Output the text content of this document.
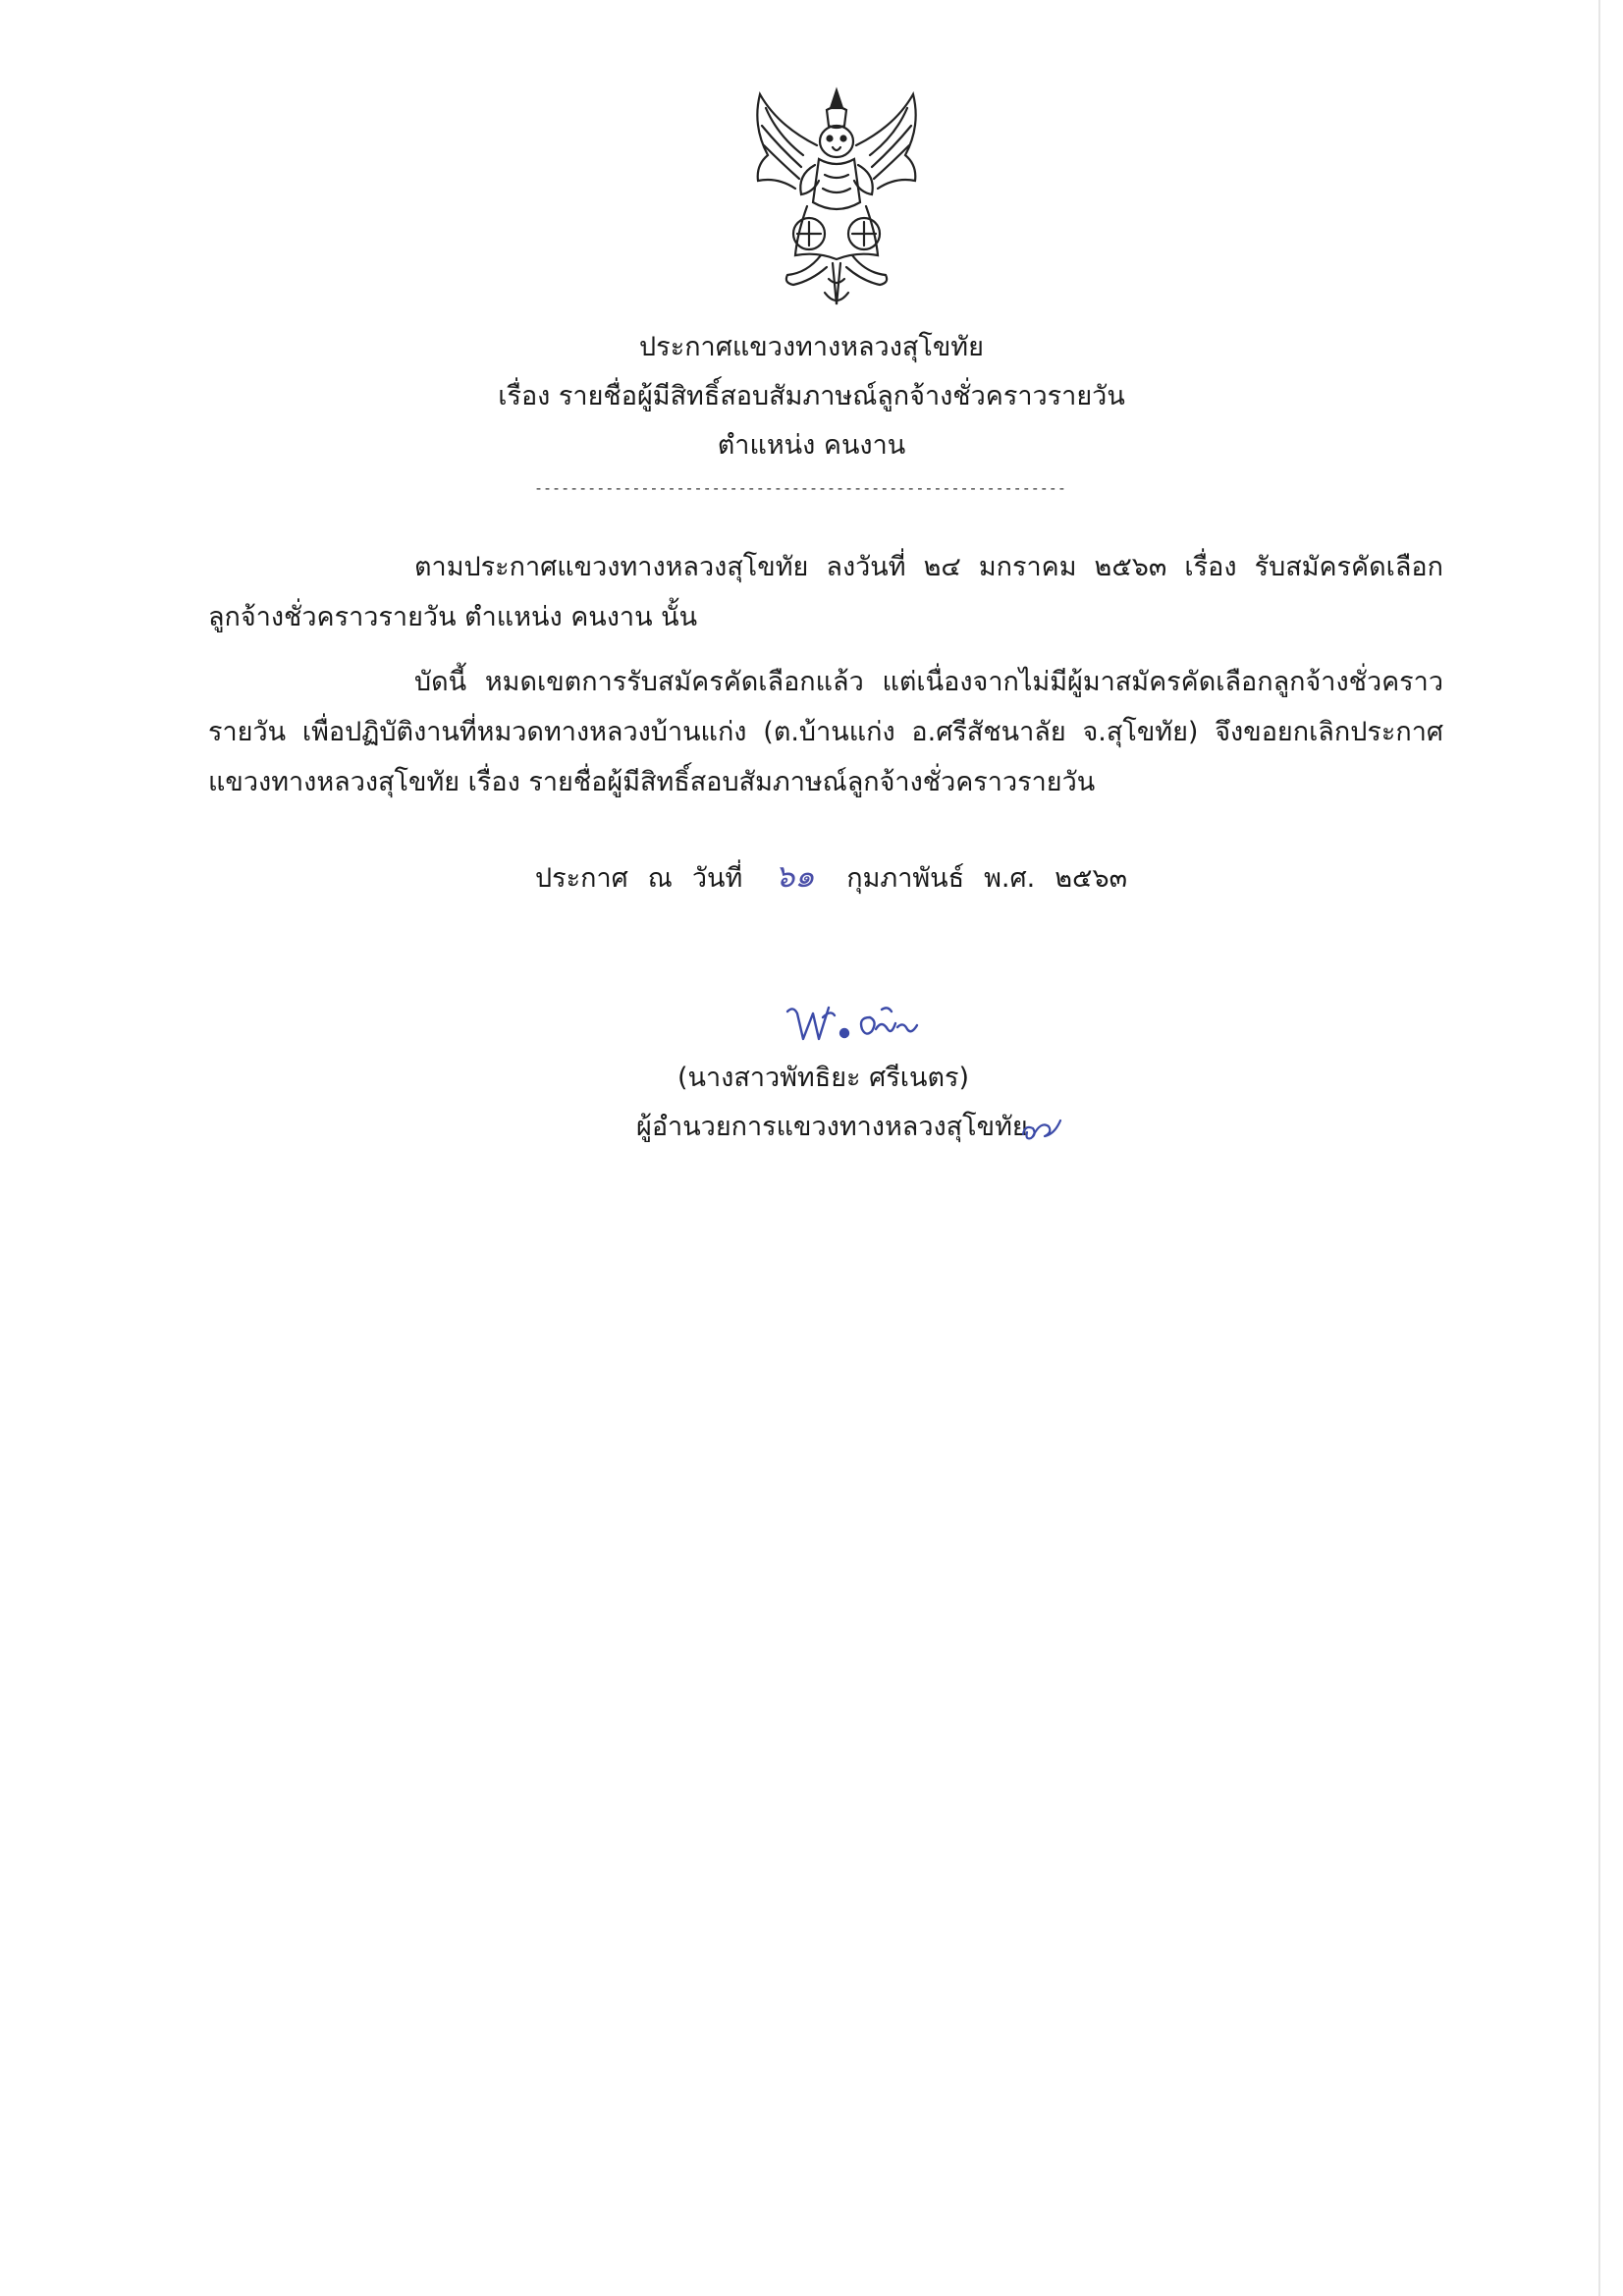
ประกาศแขวงทางหลวงสุโขทัย
เรื่อง รายชื่อผู้มีสิทธิ์สอบสัมภาษณ์ลูกจ้างชั่วคราวรายวัน
ตำแหน่ง คนงาน
------------------------------------------------------------
ตามประกาศแขวงทางหลวงสุโขทัย ลงวันที่ ๒๔ มกราคม ๒๕๖๓ เรื่อง รับสมัครคัดเลือก
ลูกจ้างชั่วคราวรายวัน ตำแหน่ง คนงาน นั้น
บัดนี้ หมดเขตการรับสมัครคัดเลือกแล้ว แต่เนื่องจากไม่มีผู้มาสมัครคัดเลือกลูกจ้างชั่วคราว
รายวัน เพื่อปฏิบัติงานที่หมวดทางหลวงบ้านแก่ง (ต.บ้านแก่ง อ.ศรีสัชนาลัย จ.สุโขทัย) จึงขอยกเลิกประกาศ
แขวงทางหลวงสุโขทัย เรื่อง รายชื่อผู้มีสิทธิ์สอบสัมภาษณ์ลูกจ้างชั่วคราวรายวัน
ประกาศ ณ วันที่ ๖๑ กุมภาพันธ์ พ.ศ. ๒๕๖๓
(นางสาวพัทธิยะ ศรีเนตร)
ผู้อำนวยการแขวงทางหลวงสุโขทัย
